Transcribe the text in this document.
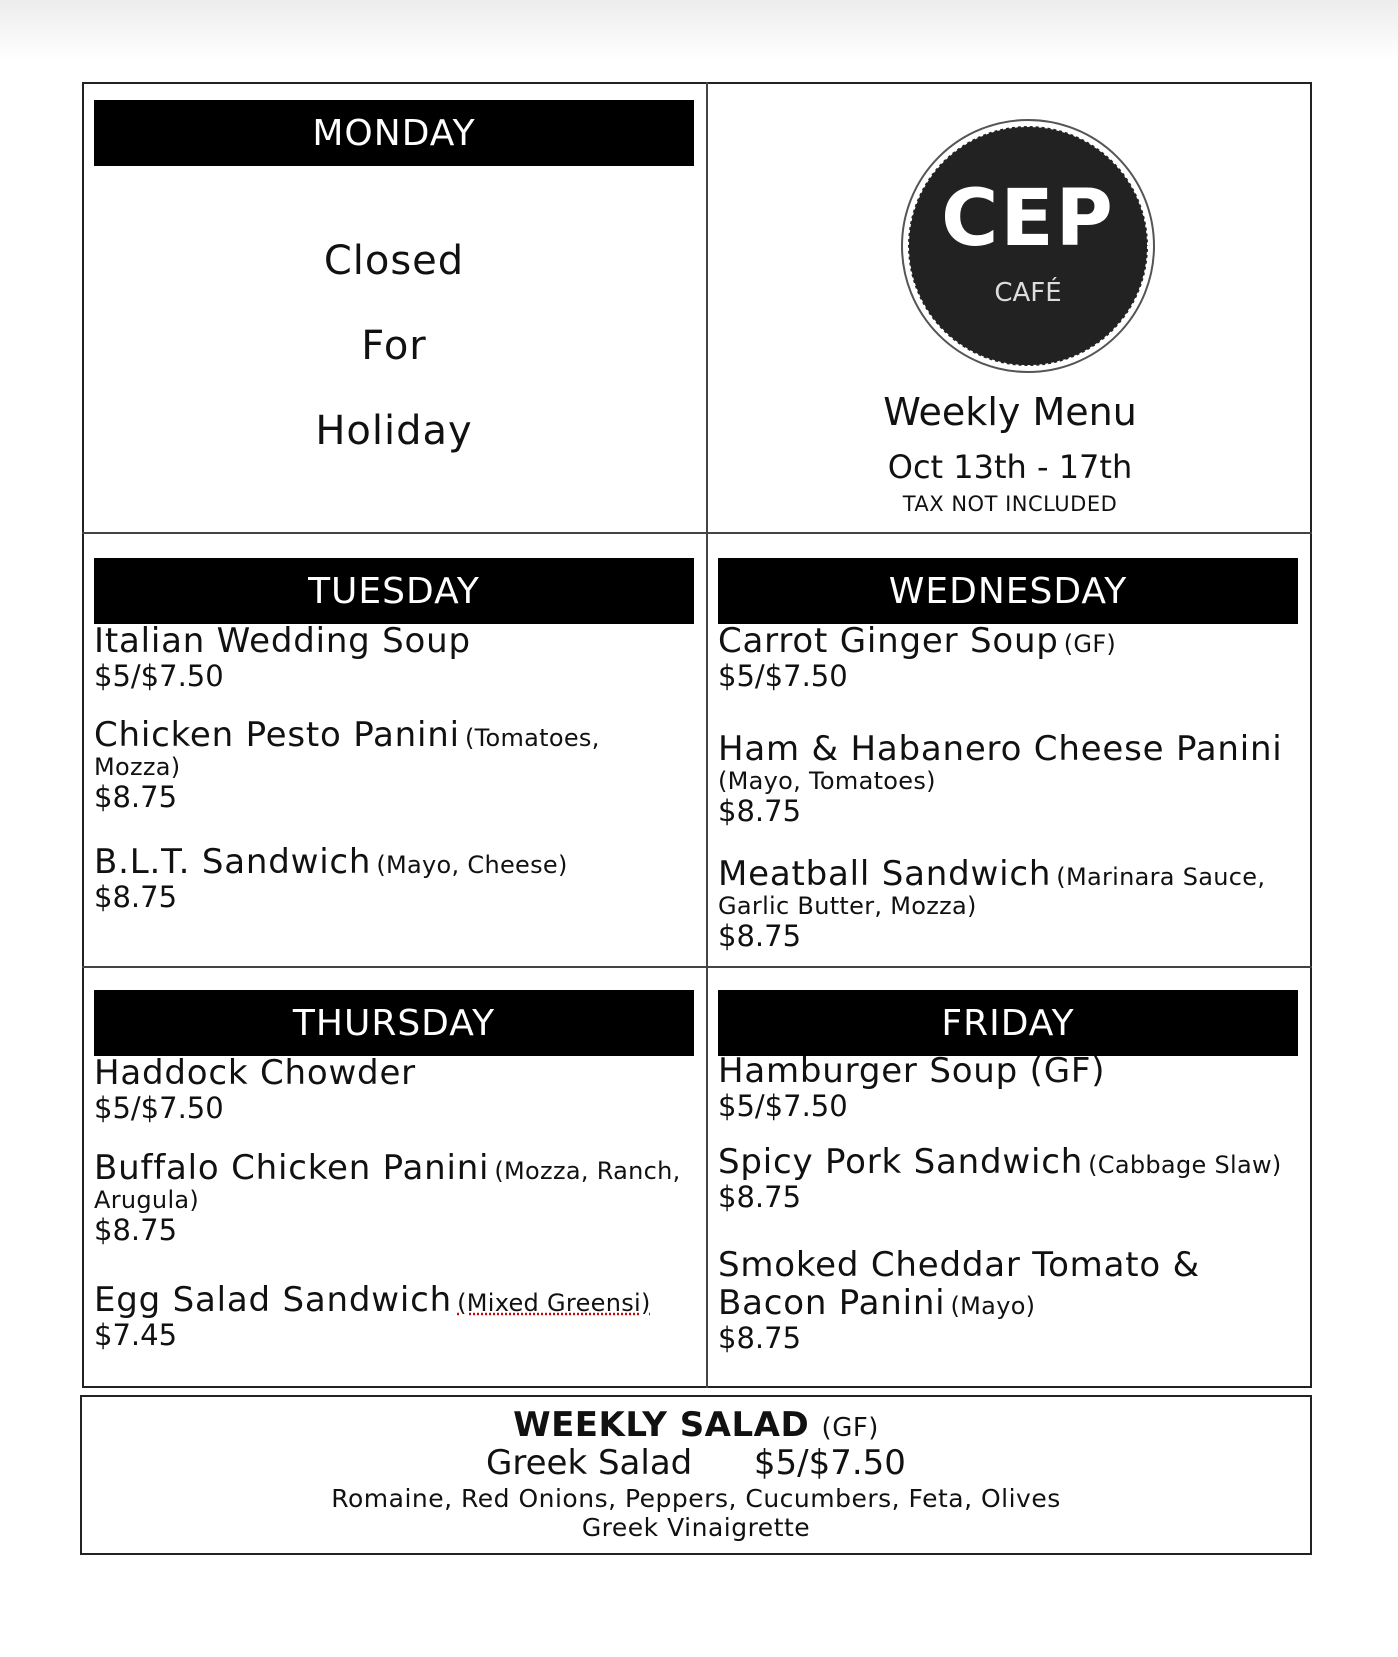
MONDAY
Closed
For
Holiday
CEP
CAFÉ
Weekly Menu
Oct 13th - 17th
TAX NOT INCLUDED
TUESDAY
Italian Wedding Soup
$5/$7.50
Chicken Pesto Panini (Tomatoes, Mozza)
$8.75
B.L.T. Sandwich (Mayo, Cheese)
$8.75
WEDNESDAY
Carrot Ginger Soup (GF)
$5/$7.50
Ham & Habanero Cheese Panini (Mayo, Tomatoes)
$8.75
Meatball Sandwich (Marinara Sauce, Garlic Butter, Mozza)
$8.75
THURSDAY
Haddock Chowder
$5/$7.50
Buffalo Chicken Panini (Mozza, Ranch, Arugula)
$8.75
Egg Salad Sandwich (Mixed Greensi)
$7.45
FRIDAY
Hamburger Soup (GF)
$5/$7.50
Spicy Pork Sandwich (Cabbage Slaw)
$8.75
Smoked Cheddar Tomato & Bacon Panini (Mayo)
$8.75
WEEKLY SALAD (GF)
Greek Salad $5/$7.50
Romaine, Red Onions, Peppers, Cucumbers, Feta, Olives
Greek Vinaigrette
